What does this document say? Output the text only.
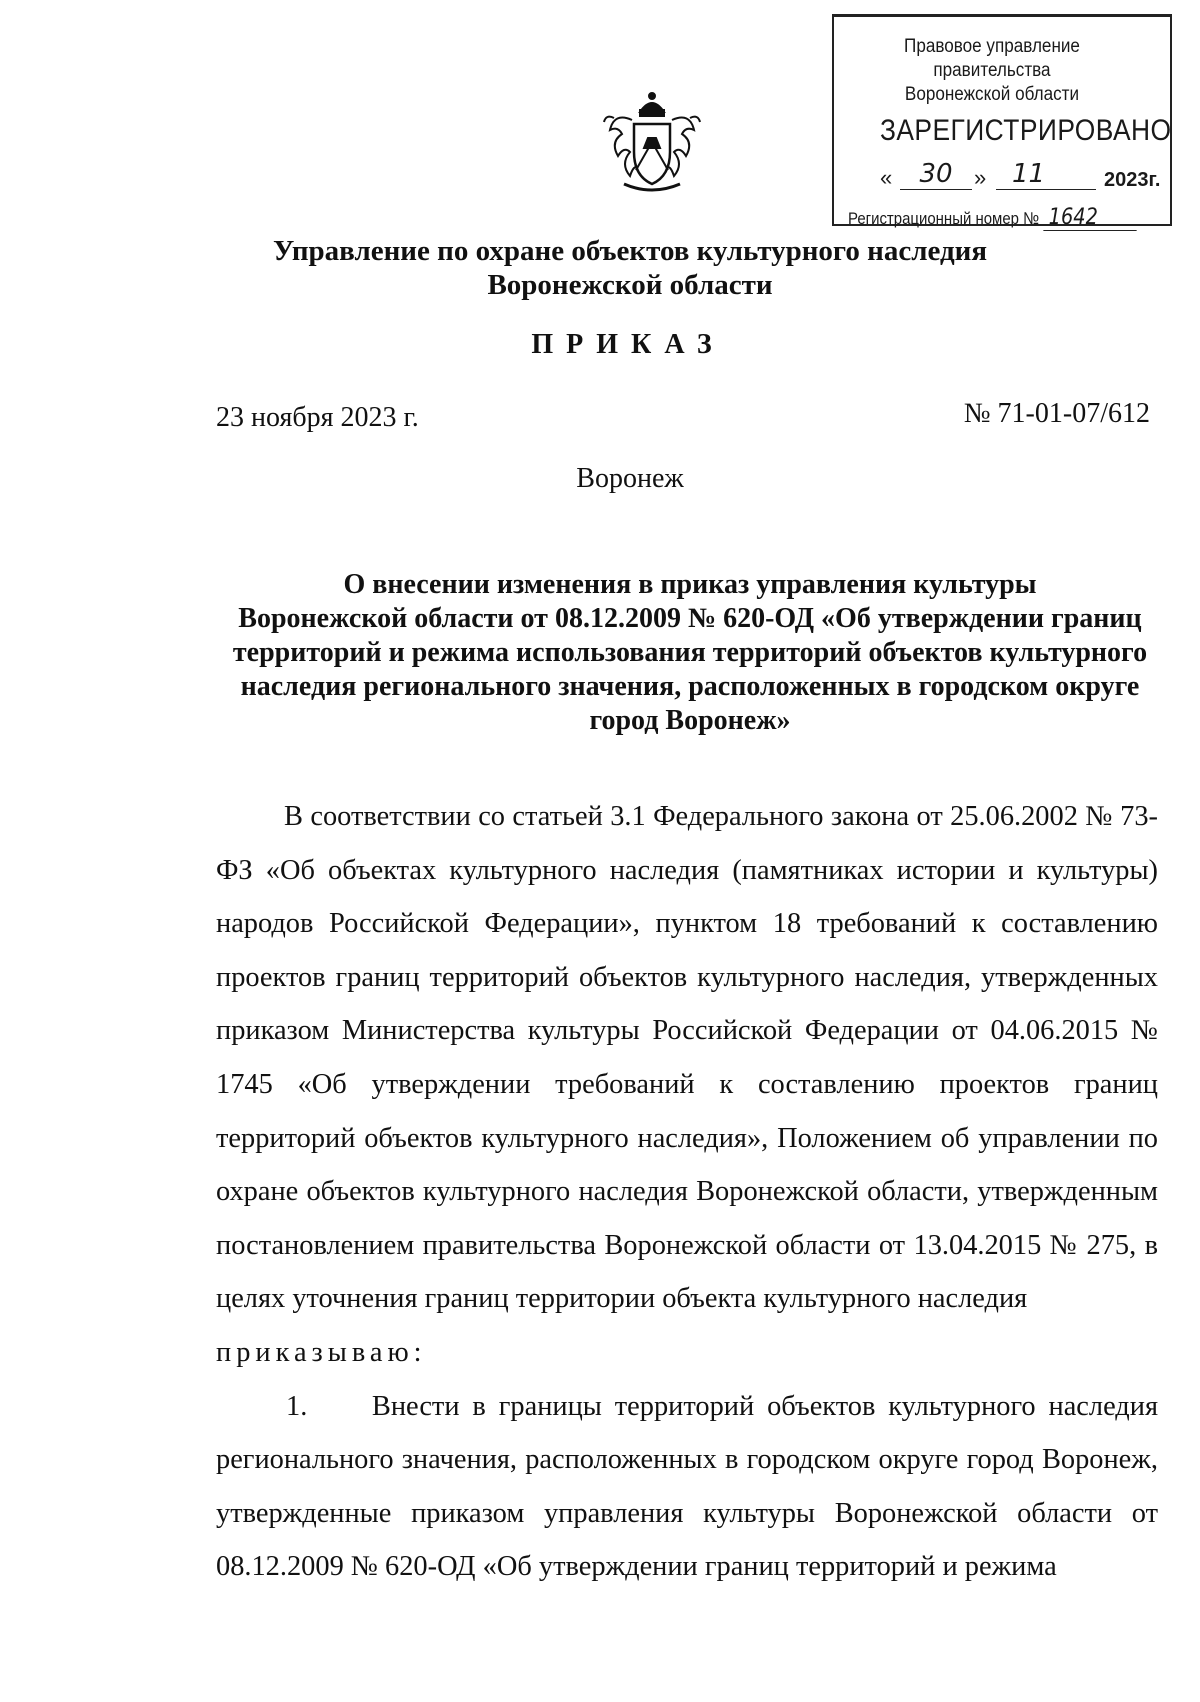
Правовое управление правительства
Воронежской области
ЗАРЕГИСТРИРОВАНО
«	30 » 11	2023г.
Регистрационный номер № 1642
Управление по охране объектов культурного наследия
Воронежской области
ПРИКАЗ
23 ноября 2023 г.	№ 71-01-07/612
Воронеж
О внесении изменения в приказ управления культуры
Воронежской области от 08.12.2009 № 620-ОД «Об утверждении границ
территорий и режима использования территорий объектов культурного
наследия регионального значения, расположенных в городском округе
город Воронеж»

В соответствии со статьей 3.1 Федерального закона от 25.06.2002 № 73-ФЗ «Об объектах культурного наследия (памятниках истории и культуры) народов Российской Федерации», пунктом 18 требований к составлению проектов границ территорий объектов культурного наследия, утвержденных приказом Министерства культуры Российской Федерации от 04.06.2015 № 1745 «Об утверждении требований к составлению проектов границ территорий объектов культурного наследия», Положением об управлении по охране объектов культурного наследия Воронежской области, утвержденным постановлением правительства Воронежской области от 13.04.2015 № 275, в целях уточнения границ территории объекта культурного наследия

приказываю:

1.     Внести в границы территорий объектов культурного наследия регионального значения, расположенных в городском округе город Воронеж, утвержденные приказом управления культуры Воронежской области от 08.12.2009 № 620-ОД «Об утверждении границ территорий и режима
